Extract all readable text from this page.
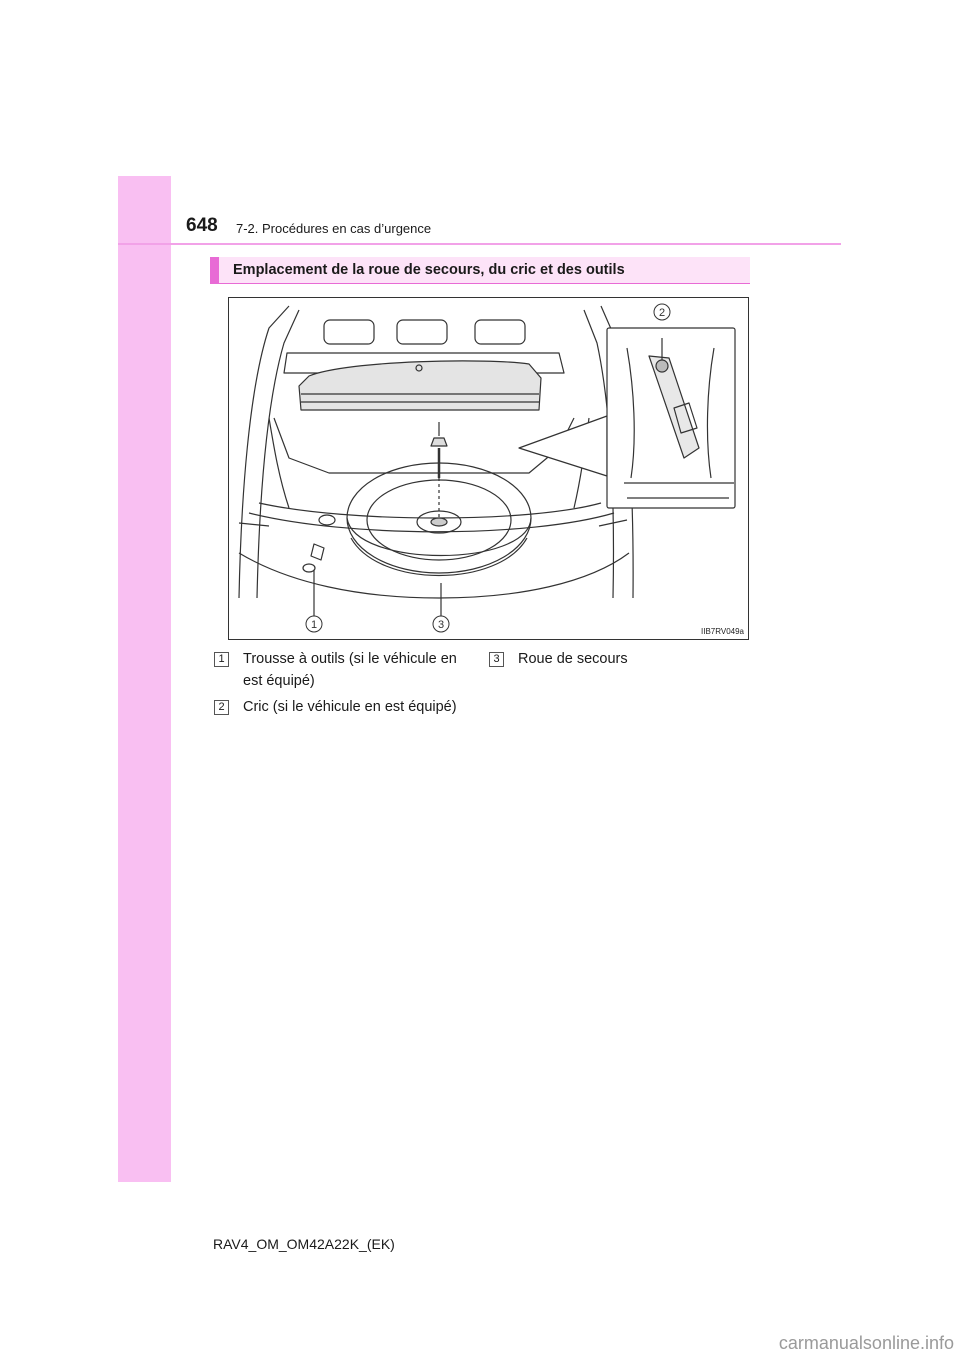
648 7-2. Procédures en cas d’urgence
Emplacement de la roue de secours, du cric et des outils
1	3
2
IIB7RV049a
1	Trousse à outils (si le véhicule en est équipé)
2	Cric (si le véhicule en est équipé)
3	Roue de secours
RAV4_OM_OM42A22K_(EK)
carmanualsonline.info
